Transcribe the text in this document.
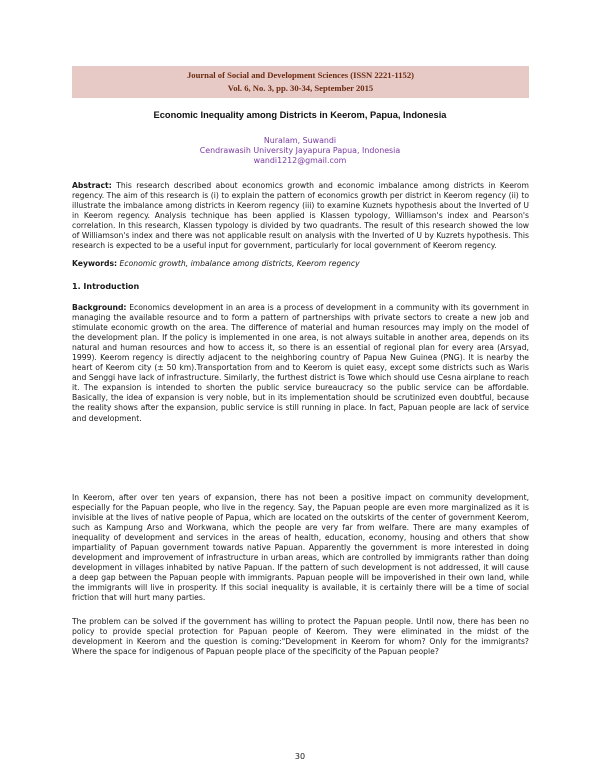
Journal of Social and Development Sciences (ISSN 2221-1152)
Vol. 6, No. 3, pp. 30-34, September 2015
Economic Inequality among Districts in Keerom, Papua, Indonesia
Nuralam, Suwandi
Cendrawasih University Jayapura Papua, Indonesia
wandi1212@gmail.com
Abstract: This research described about economics growth and economic imbalance among districts in Keerom regency. The aim of this research is (i) to explain the pattern of economics growth per district in Keerom regency (ii) to illustrate the imbalance among districts in Keerom regency (iii) to examine Kuznets hypothesis about the Inverted of U in Keerom regency. Analysis technique has been applied is Klassen typology, Williamson's index and Pearson's correlation. In this research, Klassen typology is divided by two quadrants. The result of this research showed the low of Williamson's index and there was not applicable result on analysis with the Inverted of U by Kuzrets hypothesis. This research is expected to be a useful input for government, particularly for local government of Keerom regency.
Keywords: Economic growth, imbalance among districts, Keerom regency
1. Introduction
Background: Economics development in an area is a process of development in a community with its government in managing the available resource and to form a pattern of partnerships with private sectors to create a new job and stimulate economic growth on the area. The difference of material and human resources may imply on the model of the development plan. If the policy is implemented in one area, is not always suitable in another area, depends on its natural and human resources and how to access it, so there is an essential of regional plan for every area (Arsyad, 1999). Keerom regency is directly adjacent to the neighboring country of Papua New Guinea (PNG). It is nearby the heart of Keerom city (± 50 km).Transportation from and to Keerom is quiet easy, except some districts such as Waris and Senggi have lack of infrastructure. Similarly, the furthest district is Towe which should use Cesna airplane to reach it. The expansion is intended to shorten the public service bureaucracy so the public service can be affordable. Basically, the idea of expansion is very noble, but in its implementation should be scrutinized even doubtful, because the reality shows after the expansion, public service is still running in place. In fact, Papuan people are lack of service and development.
In Keerom, after over ten years of expansion, there has not been a positive impact on community development, especially for the Papuan people, who live in the regency. Say, the Papuan people are even more marginalized as it is invisible at the lives of native people of Papua, which are located on the outskirts of the center of government Keerom, such as Kampung Arso and Workwana, which the people are very far from welfare. There are many examples of inequality of development and services in the areas of health, education, economy, housing and others that show impartiality of Papuan government towards native Papuan. Apparently the government is more interested in doing development and improvement of infrastructure in urban areas, which are controlled by immigrants rather than doing development in villages inhabited by native Papuan. If the pattern of such development is not addressed, it will cause a deep gap between the Papuan people with immigrants. Papuan people will be impoverished in their own land, while the immigrants will live in prosperity. If this social inequality is available, it is certainly there will be a time of social friction that will hurt many parties.
The problem can be solved if the government has willing to protect the Papuan people. Until now, there has been no policy to provide special protection for Papuan people of Keerom. They were eliminated in the midst of the development in Keerom and the question is coming:"Development in Keerom for whom? Only for the immigrants? Where the space for indigenous of Papuan people place of the specificity of the Papuan people?
30
